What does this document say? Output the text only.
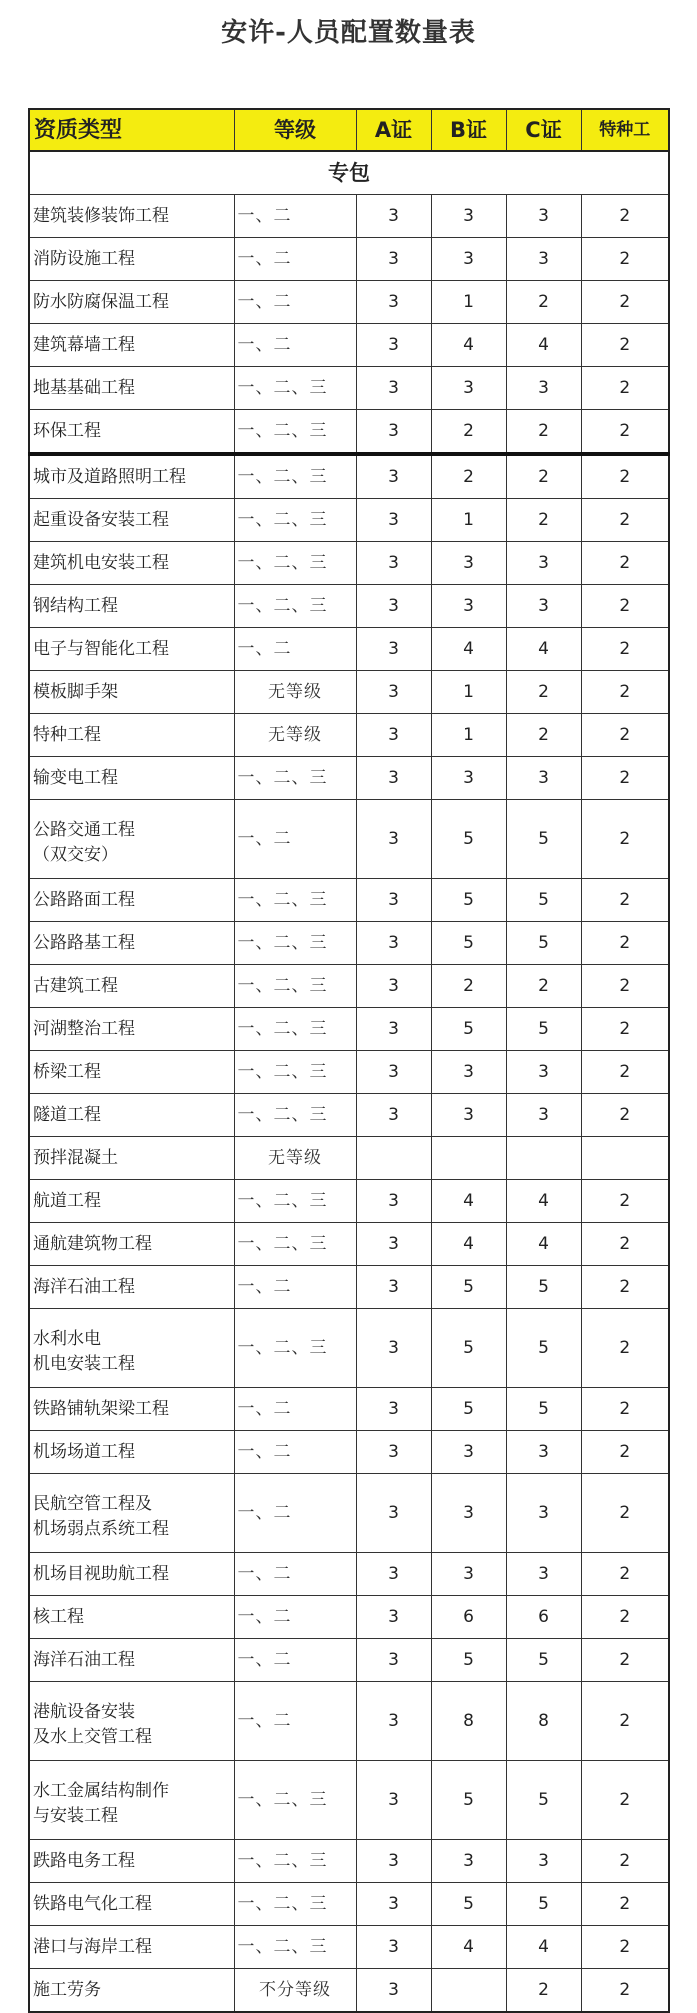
安许-人员配置数量表
资质类型	等级	A证	B证	C证	特种工
专包					
建筑装修装饰工程	一、二	3	3	3	2
消防设施工程	一、二	3	3	3	2
防水防腐保温工程	一、二	3	1	2	2
建筑幕墙工程	一、二	3	4	4	2
地基基础工程	一、二、三	3	3	3	2
环保工程	一、二、三	3	2	2	2
城市及道路照明工程	一、二、三	3	2	2	2
起重设备安装工程	一、二、三	3	1	2	2
建筑机电安装工程	一、二、三	3	3	3	2
钢结构工程	一、二、三	3	3	3	2
电子与智能化工程	一、二	3	4	4	2
模板脚手架	无等级	3	1	2	2
特种工程	无等级	3	1	2	2
输变电工程	一、二、三	3	3	3	2
公路交通工程
（双交安）	一、二	3	5	5	2
公路路面工程	一、二、三	3	5	5	2
公路路基工程	一、二、三	3	5	5	2
古建筑工程	一、二、三	3	2	2	2
河湖整治工程	一、二、三	3	5	5	2
桥梁工程	一、二、三	3	3	3	2
隧道工程	一、二、三	3	3	3	2
预拌混凝土	无等级				
航道工程	一、二、三	3	4	4	2
通航建筑物工程	一、二、三	3	4	4	2
海洋石油工程	一、二	3	5	5	2
水利水电
机电安装工程	一、二、三	3	5	5	2
铁路铺轨架梁工程	一、二	3	5	5	2
机场场道工程	一、二	3	3	3	2
民航空管工程及
机场弱点系统工程	一、二	3	3	3	2
机场目视助航工程	一、二	3	3	3	2
核工程	一、二	3	6	6	2
海洋石油工程	一、二	3	5	5	2
港航设备安装
及水上交管工程	一、二	3	8	8	2
水工金属结构制作
与安装工程	一、二、三	3	5	5	2
跌路电务工程	一、二、三	3	3	3	2
铁路电气化工程	一、二、三	3	5	5	2
港口与海岸工程	一、二、三	3	4	4	2
施工劳务	不分等级	3		2	2
